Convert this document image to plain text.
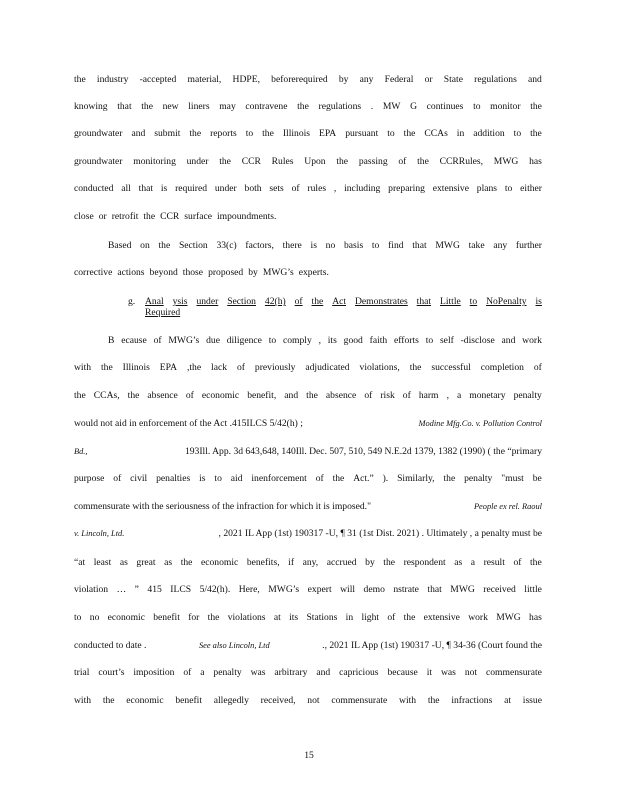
the industry -accepted material, HDPE, beforerequired by any Federal or State regulations and
knowing that the new liners may contravene the regulations . MW G continues to monitor the
groundwater and submit the reports to the Illinois EPA pursuant to the CCAs in addition to the
groundwater monitoring under the CCR Rules Upon the passing of the CCRRules, MWG has
conducted all that is required under both sets of rules , including preparing extensive plans to either
close or retrofit the CCR surface impoundments.
Based on the Section 33(c) factors, there is no basis to find that MWG take any further
corrective actions beyond those proposed by MWG’s experts.
g.	Anal ysis under Section 42(h) of the Act Demonstrates that Little to NoPenalty is
Required
B ecause of MWG’s due diligence to comply , its good faith efforts to self -disclose and work
with the Illinois EPA ,the lack of previously adjudicated violations, the successful completion of
the CCAs, the absence of economic benefit, and the absence of risk of harm , a monetary penalty
would not aid in enforcement of the Act .415ILCS 5/42(h) ;	Modine Mfg.Co. v. Pollution Control
Bd.,	193Ill. App. 3d 643,648, 140Ill. Dec. 507, 510, 549 N.E.2d 1379, 1382 (1990) ( the “primary
purpose of civil penalties is to aid inenforcement of the Act.” ). Similarly, the penalty "must be
commensurate with the seriousness of the infraction for which it is imposed."	People ex rel. Raoul
v. Lincoln, Ltd.	, 2021 IL App (1st) 190317 -U, ¶ 31 (1st Dist. 2021) . Ultimately , a penalty must be
“at least as great as the economic benefits, if any, accrued by the respondent as a result of the
violation … ” 415 ILCS 5/42(h). Here, MWG’s expert will demo nstrate that MWG received little
to no economic benefit for the violations at its Stations in light of the extensive work MWG has
conducted to date .	See also Lincoln, Ltd	., 2021 IL App (1st) 190317 -U, ¶ 34-36 (Court found the
trial court’s imposition of a penalty was arbitrary and capricious because it was not commensurate
with the economic benefit allegedly received, not commensurate with the infractions at issue
15
